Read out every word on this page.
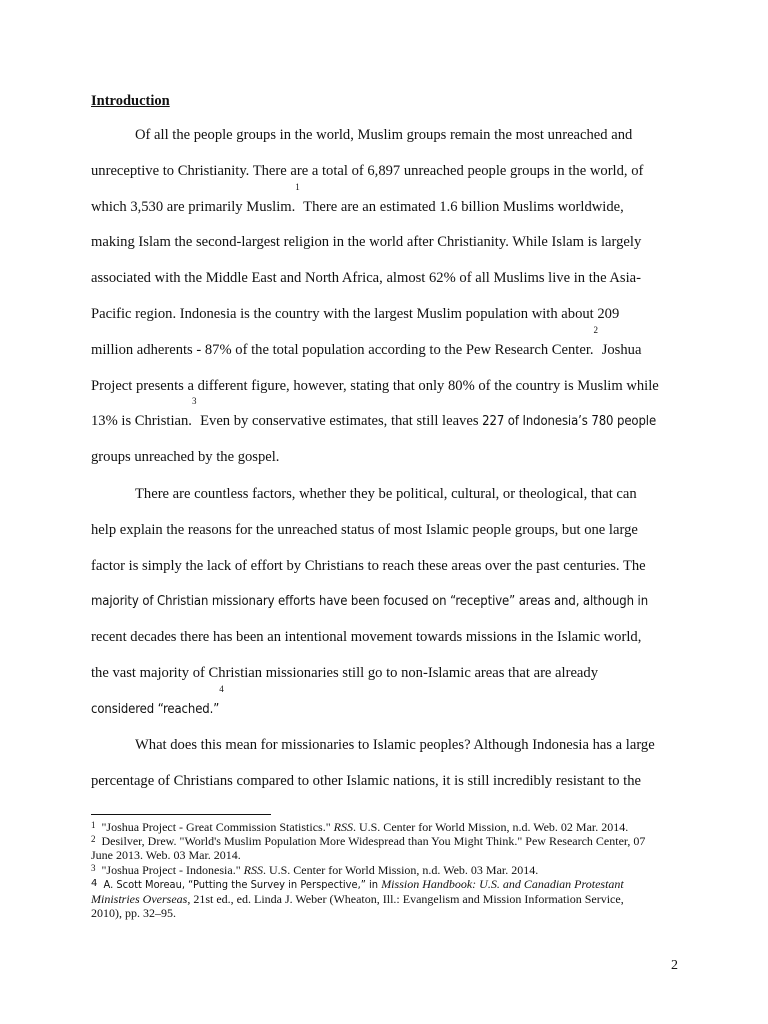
Introduction

Of all the people groups in the world, Muslim groups remain the most unreached and
unreceptive to Christianity. There are a total of 6,897 unreached people groups in the world, of
which 3,530 are primarily Muslim.$^1$ There are an estimated 1.6 billion Muslims worldwide,
making Islam the second-largest religion in the world after Christianity. While Islam is largely
associated with the Middle East and North Africa, almost 62% of all Muslims live in the Asia-
Pacific region. Indonesia is the country with the largest Muslim population with about 209
million adherents - 87% of the total population according to the Pew Research Center.$^2$ Joshua
Project presents a different figure, however, stating that only 80% of the country is Muslim while
13% is Christian.$^3$ Even by conservative estimates, that still leaves 227 of Indonesia’s 780 people
groups unreached by the gospel.

There are countless factors, whether they be political, cultural, or theological, that can
help explain the reasons for the unreached status of most Islamic people groups, but one large
factor is simply the lack of effort by Christians to reach these areas over the past centuries. The
majority of Christian missionary efforts have been focused on “receptive” areas and, although in
recent decades there has been an intentional movement towards missions in the Islamic world,
the vast majority of Christian missionaries still go to non-Islamic areas that are already
considered “reached.”$^4$

What does this mean for missionaries to Islamic peoples? Although Indonesia has a large
percentage of Christians compared to other Islamic nations, it is still incredibly resistant to the

$^1$ "Joshua Project - Great Commission Statistics." RSS. U.S. Center for World Mission, n.d. Web. 02 Mar. 2014.
$^2$ Desilver, Drew. "World's Muslim Population More Widespread than You Might Think." Pew Research Center, 07
June 2013. Web. 03 Mar. 2014.
$^3$ "Joshua Project - Indonesia." RSS. U.S. Center for World Mission, n.d. Web. 03 Mar. 2014.
$^4$ A. Scott Moreau, “Putting the Survey in Perspective,” in Mission Handbook: U.S. and Canadian Protestant
Ministries Overseas, 21st ed., ed. Linda J. Weber (Wheaton, Ill.: Evangelism and Mission Information Service,
2010), pp. 32–95.
2
